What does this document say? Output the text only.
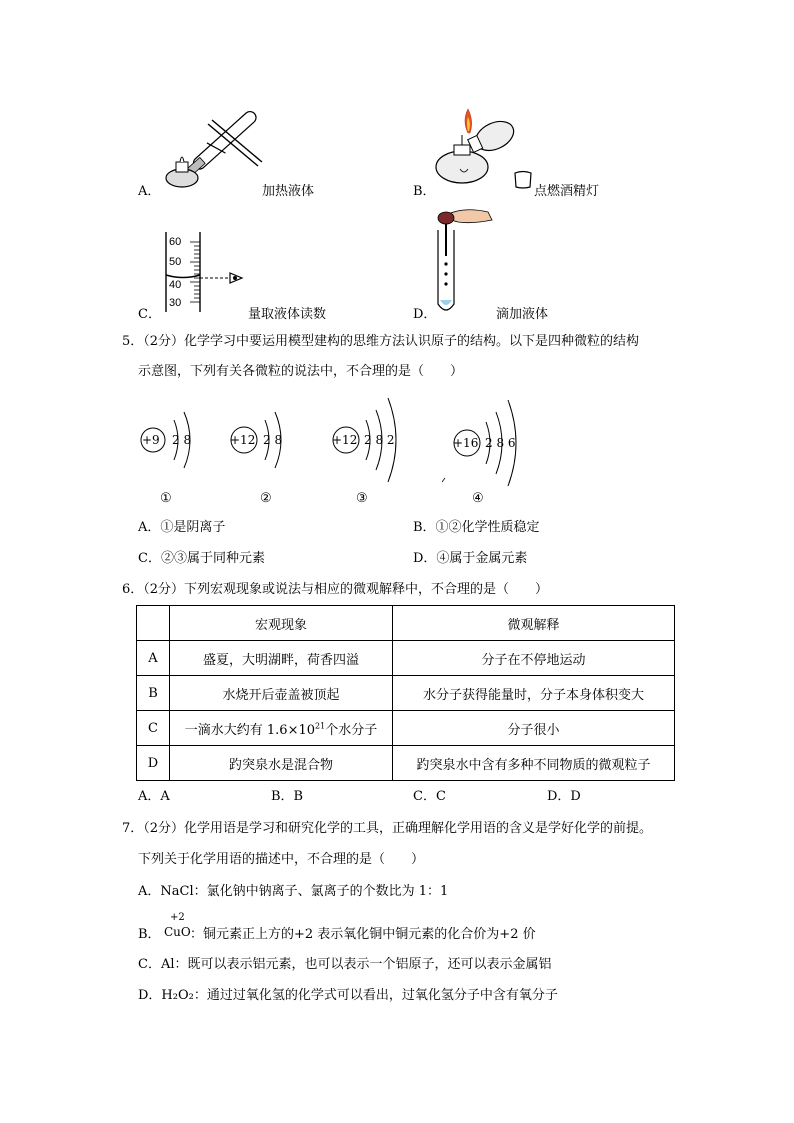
A．	加热液体	B．	点燃酒精灯
C．
60
50
40
30
量取液体读数	D．	滴加液体
5．（2分）化学学习中要运用模型建构的思维方法认识原子的结构。以下是四种微粒的结构
示意图，下列有关各微粒的说法中，不合理的是（　　）
+9 2 8	+12 2 8	+12 2 8 2	+16 2 8 6
①	②	③	④
A．①是阴离子	B．①②化学性质稳定
C．②③属于同种元素	D．④属于金属元素
6．（2分）下列宏观现象或说法与相应的微观解释中，不合理的是（　　）
	宏观现象	微观解释
A	盛夏，大明湖畔，荷香四溢	分子在不停地运动
B	水烧开后壶盖被顶起	水分子获得能量时，分子本身体积变大
C	一滴水大约有 $1.6\times 10^{21}$个水分子	分子很小
D	趵突泉水是混合物	趵突泉水中含有多种不同物质的微观粒子
A．A	B．B	C．C	D．D
7．（2分）化学用语是学习和研究化学的工具，正确理解化学用语的含义是学好化学的前提。
下列关于化学用语的描述中，不合理的是（　　）
A．NaCl：氯化钠中钠离子、氯离子的个数比为 1：1
B．
+2
CuO ：铜元素正上方的+2 表示氧化铜中铜元素的化合价为+2 价
C．Al：既可以表示铝元素，也可以表示一个铝原子，还可以表示金属铝
D．H₂O₂：通过过氧化氢的化学式可以看出，过氧化氢分子中含有氧分子
